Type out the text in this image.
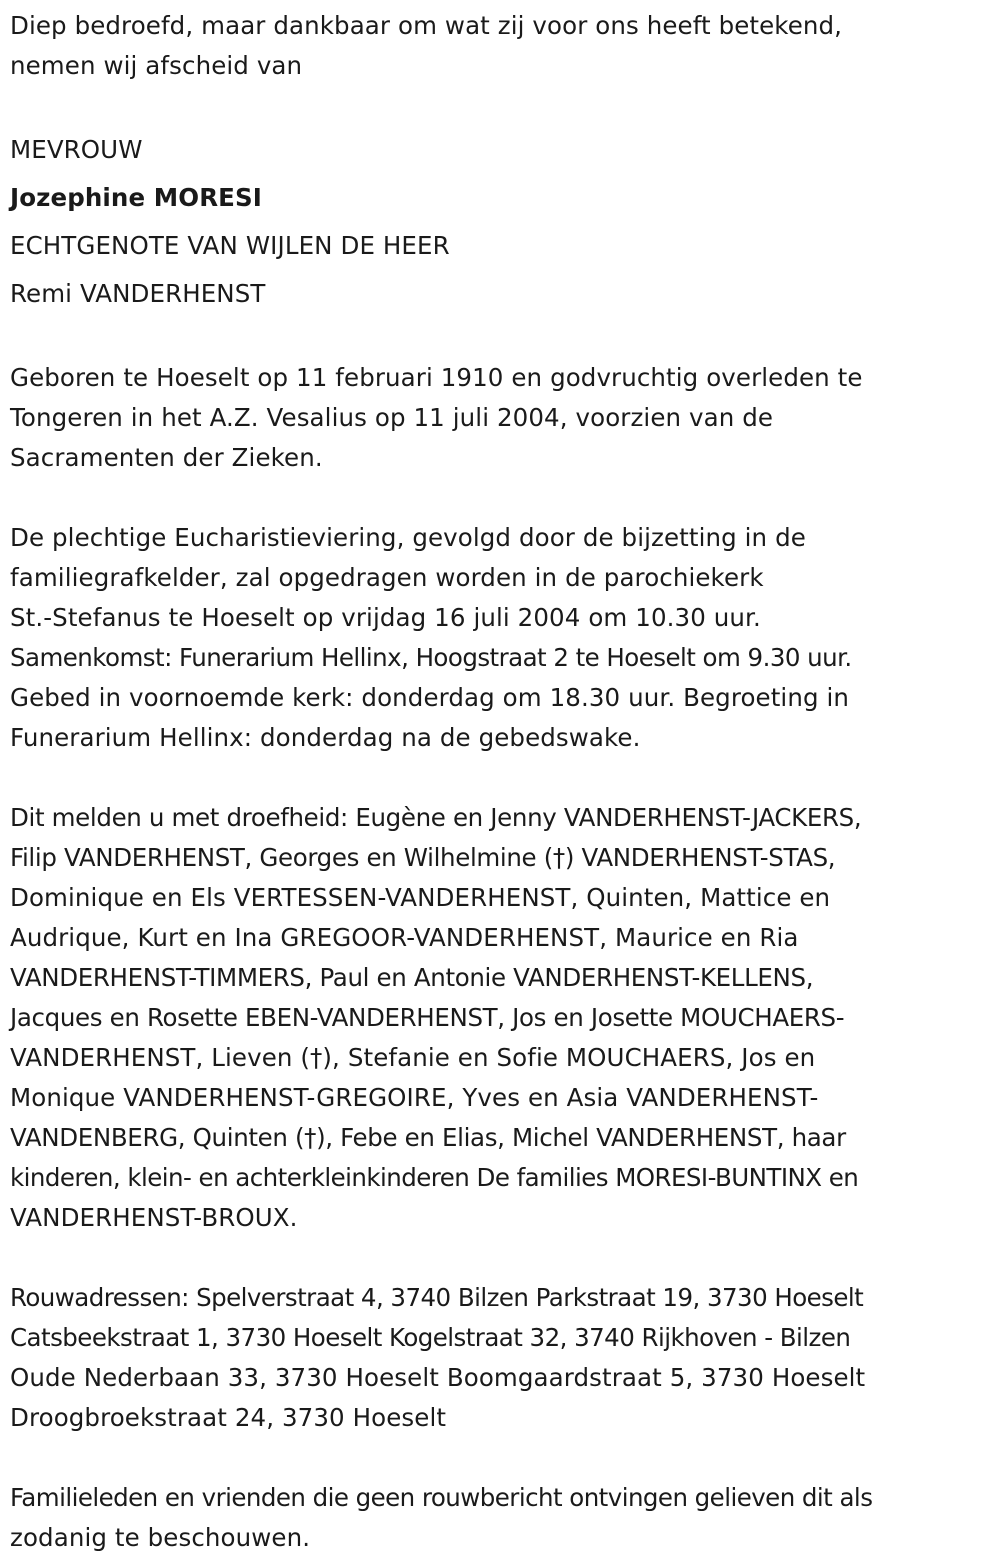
Diep bedroefd, maar dankbaar om wat zij voor ons heeft betekend,
nemen wij afscheid van

MEVROUW
Jozephine MORESI
ECHTGENOTE VAN WIJLEN DE HEER
Remi VANDERHENST

Geboren te Hoeselt op 11 februari 1910 en godvruchtig overleden te
Tongeren in het A.Z. Vesalius op 11 juli 2004, voorzien van de
Sacramenten der Zieken.

De plechtige Eucharistieviering, gevolgd door de bijzetting in de
familiegrafkelder, zal opgedragen worden in de parochiekerk
St.-Stefanus te Hoeselt op vrijdag 16 juli 2004 om 10.30 uur.
Samenkomst: Funerarium Hellinx, Hoogstraat 2 te Hoeselt om 9.30 uur.
Gebed in voornoemde kerk: donderdag om 18.30 uur. Begroeting in
Funerarium Hellinx: donderdag na de gebedswake.

Dit melden u met droefheid: Eugène en Jenny VANDERHENST-JACKERS,
Filip VANDERHENST, Georges en Wilhelmine (†) VANDERHENST-STAS,
Dominique en Els VERTESSEN-VANDERHENST, Quinten, Mattice en
Audrique, Kurt en Ina GREGOOR-VANDERHENST, Maurice en Ria
VANDERHENST-TIMMERS, Paul en Antonie VANDERHENST-KELLENS,
Jacques en Rosette EBEN-VANDERHENST, Jos en Josette MOUCHAERS-
VANDERHENST, Lieven (†), Stefanie en Sofie MOUCHAERS, Jos en
Monique VANDERHENST-GREGOIRE, Yves en Asia VANDERHENST-
VANDENBERG, Quinten (†), Febe en Elias, Michel VANDERHENST, haar
kinderen, klein- en achterkleinkinderen De families MORESI-BUNTINX en
VANDERHENST-BROUX.

Rouwadressen: Spelverstraat 4, 3740 Bilzen Parkstraat 19, 3730 Hoeselt
Catsbeekstraat 1, 3730 Hoeselt Kogelstraat 32, 3740 Rijkhoven - Bilzen
Oude Nederbaan 33, 3730 Hoeselt Boomgaardstraat 5, 3730 Hoeselt
Droogbroekstraat 24, 3730 Hoeselt

Familieleden en vrienden die geen rouwbericht ontvingen gelieven dit als
zodanig te beschouwen.
